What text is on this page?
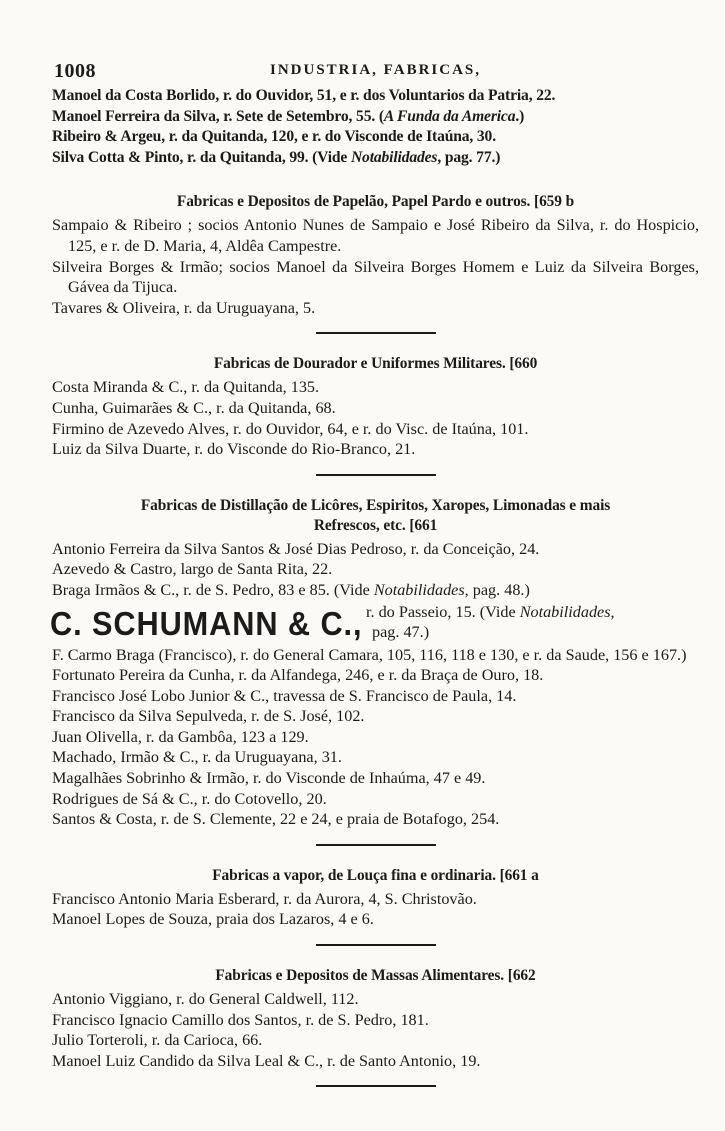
1008	INDUSTRIA, FABRICAS,
Manoel da Costa Borlido, r. do Ouvidor, 51, e r. dos Voluntarios da Patria, 22.
Manoel Ferreira da Silva, r. Sete de Setembro, 55. (A Funda da America.)
Ribeiro & Argeu, r. da Quitanda, 120, e r. do Visconde de Itaúna, 30.
Silva Cotta & Pinto, r. da Quitanda, 99. (Vide Notabilidades, pag. 77.)
Fabricas e Depositos de Papelão, Papel Pardo e outros. [659 b
Sampaio & Ribeiro ; socios Antonio Nunes de Sampaio e José Ribeiro da Silva, r. do Hospicio, 125, e r. de D. Maria, 4, Aldêa Campestre.
Silveira Borges & Irmão; socios Manoel da Silveira Borges Homem e Luiz da Silveira Borges, Gávea da Tijuca.
Tavares & Oliveira, r. da Uruguayana, 5.
Fabricas de Dourador e Uniformes Militares. [660
Costa Miranda & C., r. da Quitanda, 135.
Cunha, Guimarães & C., r. da Quitanda, 68.
Firmino de Azevedo Alves, r. do Ouvidor, 64, e r. do Visc. de Itaúna, 101.
Luiz da Silva Duarte, r. do Visconde do Rio-Branco, 21.
Fabricas de Distillação de Licôres, Espiritos, Xaropes, Limonadas e mais
Refrescos, etc. [661
Antonio Ferreira da Silva Santos & José Dias Pedroso, r. da Conceição, 24.
Azevedo & Castro, largo de Santa Rita, 22.
Braga Irmãos & C., r. de S. Pedro, 83 e 85. (Vide Notabilidades, pag. 48.)
C. SCHUMANN & C., r. do Passeio, 15. (Vide Notabilidades,
pag. 47.)
F. Carmo Braga (Francisco), r. do General Camara, 105, 116, 118 e 130, e r. da Saude, 156 e 167.)
Fortunato Pereira da Cunha, r. da Alfandega, 246, e r. da Braça de Ouro, 18.
Francisco José Lobo Junior & C., travessa de S. Francisco de Paula, 14.
Francisco da Silva Sepulveda, r. de S. José, 102.
Juan Olivella, r. da Gambôa, 123 a 129.
Machado, Irmão & C., r. da Uruguayana, 31.
Magalhães Sobrinho & Irmão, r. do Visconde de Inhaúma, 47 e 49.
Rodrigues de Sá & C., r. do Cotovello, 20.
Santos & Costa, r. de S. Clemente, 22 e 24, e praia de Botafogo, 254.
Fabricas a vapor, de Louça fina e ordinaria. [661 a
Francisco Antonio Maria Esberard, r. da Aurora, 4, S. Christovão.
Manoel Lopes de Souza, praia dos Lazaros, 4 e 6.
Fabricas e Depositos de Massas Alimentares. [662
Antonio Viggiano, r. do General Caldwell, 112.
Francisco Ignacio Camillo dos Santos, r. de S. Pedro, 181.
Julio Torteroli, r. da Carioca, 66.
Manoel Luiz Candido da Silva Leal & C., r. de Santo Antonio, 19.
